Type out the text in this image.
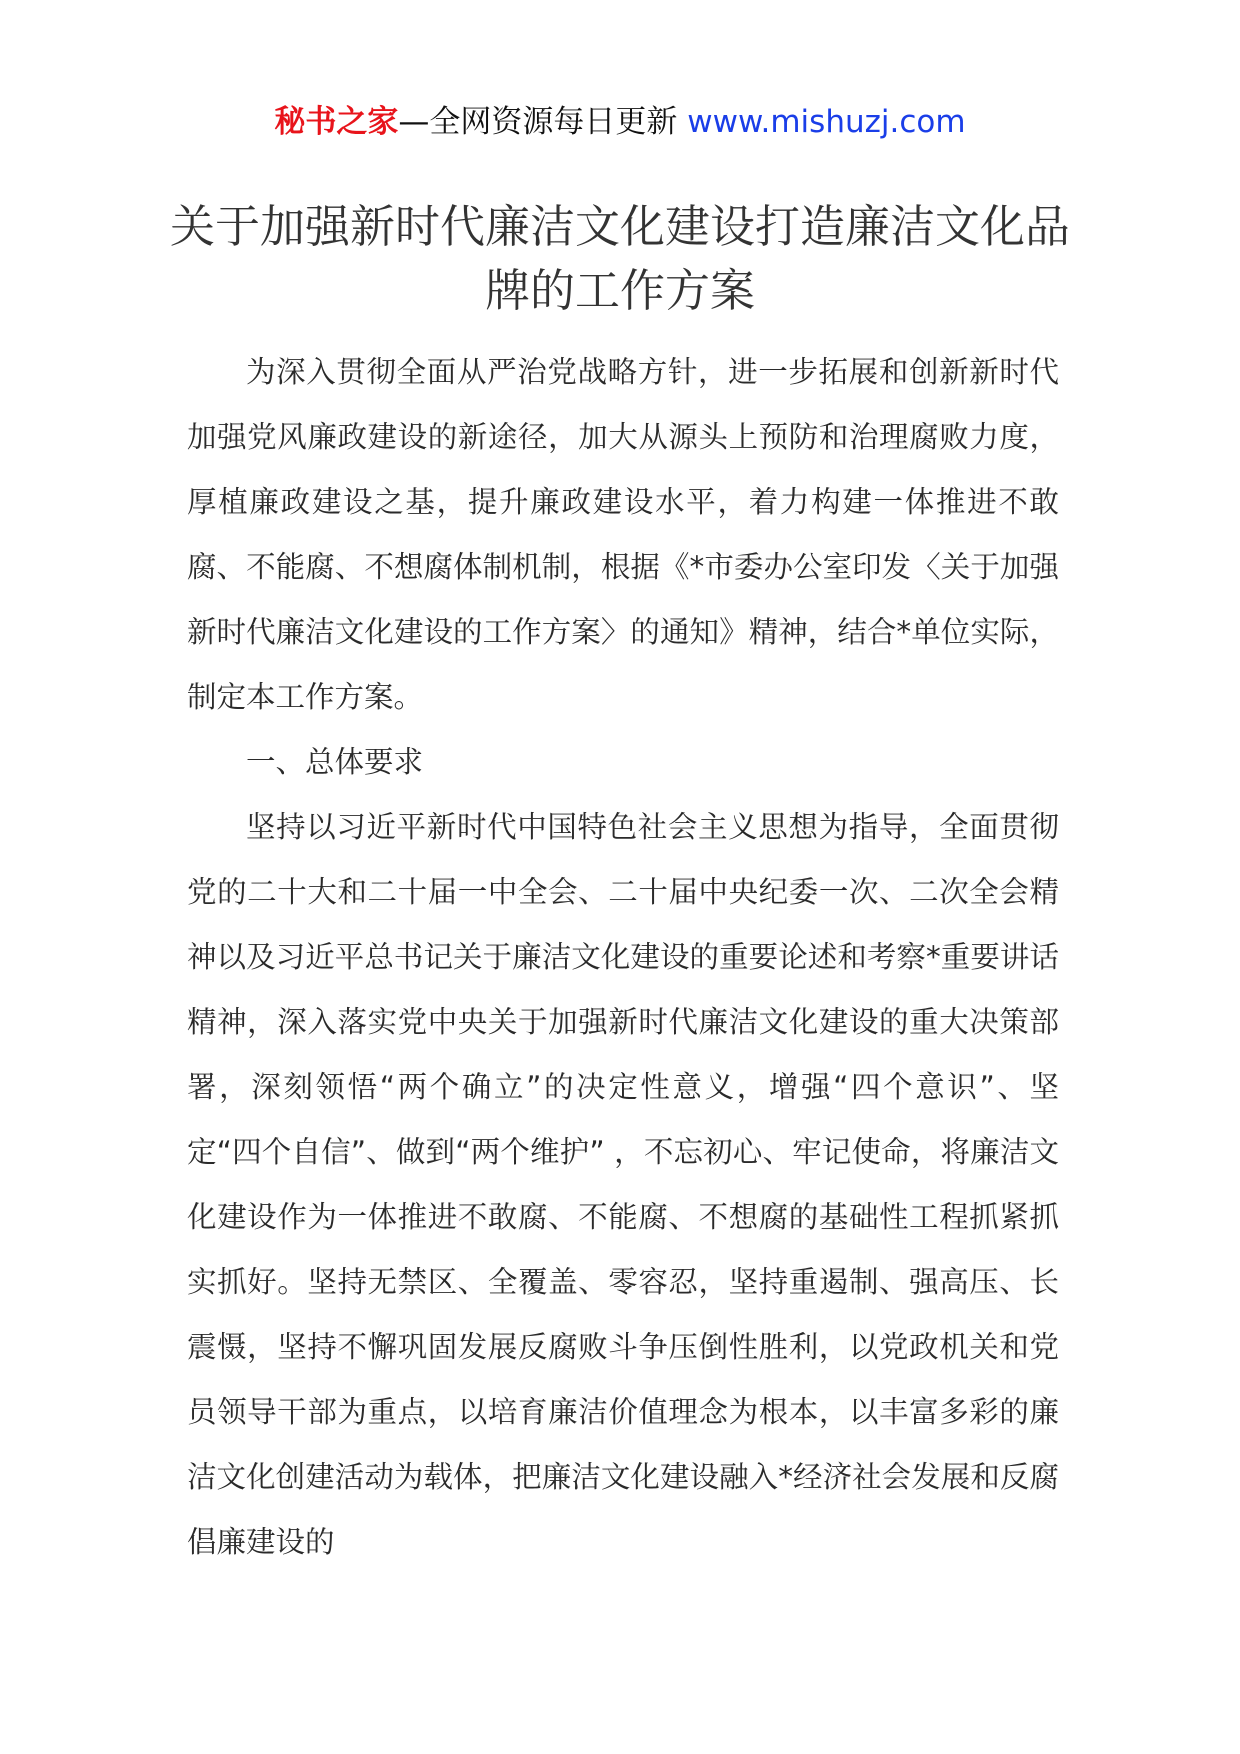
秘书之家—全网资源每日更新 www.mishuzj.com
关于加强新时代廉洁文化建设打造廉洁文化品牌的工作方案

为深入贯彻全面从严治党战略方针，进一步拓展和创新新时代加强党风廉政建设的新途径，加大从源头上预防和治理腐败力度，厚植廉政建设之基，提升廉政建设水平，着力构建一体推进不敢腐、不能腐、不想腐体制机制，根据《*市委办公室印发〈关于加强新时代廉洁文化建设的工作方案〉的通知》精神，结合*单位实际，制定本工作方案。

一、总体要求

坚持以习近平新时代中国特色社会主义思想为指导，全面贯彻党的二十大和二十届一中全会、二十届中央纪委一次、二次全会精神以及习近平总书记关于廉洁文化建设的重要论述和考察*重要讲话精神，深入落实党中央关于加强新时代廉洁文化建设的重大决策部署，深刻领悟“两个确立”的决定性意义，增强“四个意识”、坚定“四个自信”、做到“两个维护” ，不忘初心、牢记使命，将廉洁文化建设作为一体推进不敢腐、不能腐、不想腐的基础性工程抓紧抓实抓好。坚持无禁区、全覆盖、零容忍，坚持重遏制、强高压、长震慑，坚持不懈巩固发展反腐败斗争压倒性胜利，以党政机关和党员领导干部为重点，以培育廉洁价值理念为根本，以丰富多彩的廉洁文化创建活动为载体，把廉洁文化建设融入*经济社会发展和反腐倡廉建设的
